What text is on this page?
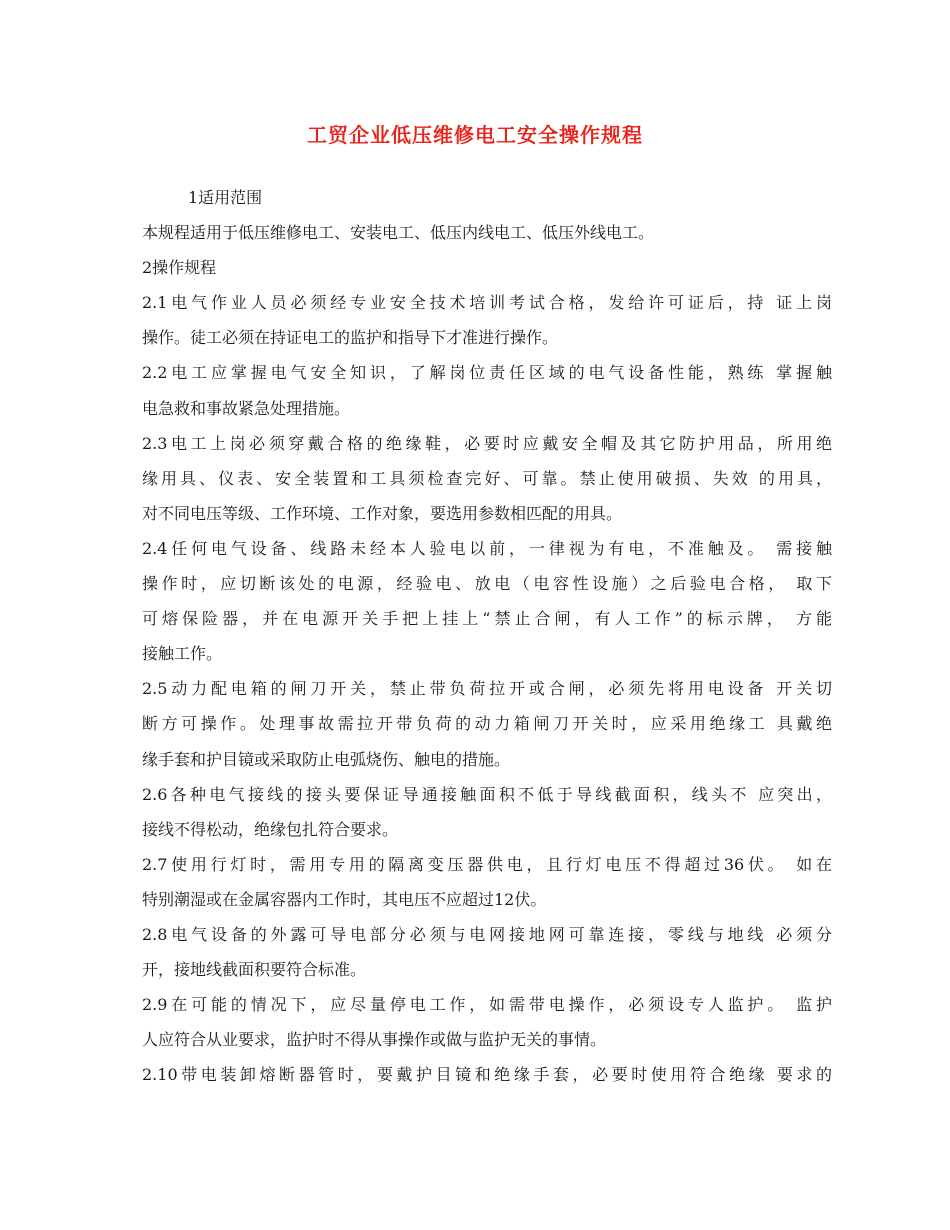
工贸企业低压维修电工安全操作规程
1适用范围
本规程适用于低压维修电工、安装电工、低压内线电工、低压外线电工。
2操作规程
2.1电气作业人员必须经专业安全技术培训考试合格，发给许可证后，持 证上岗
操作。徒工必须在持证电工的监护和指导下才准进行操作。
2.2电工应掌握电气安全知识，了解岗位责任区域的电气设备性能，熟练 掌握触
电急救和事故紧急处理措施。
2.3电工上岗必须穿戴合格的绝缘鞋，必要时应戴安全帽及其它防护用品，所用绝
缘用具、仪表、安全装置和工具须检查完好、可靠。禁止使用破损、失效 的用具，
对不同电压等级、工作环境、工作对象，要选用参数相匹配的用具。
2.4任何电气设备、线路未经本人验电以前，一律视为有电，不准触及。 需接触
操作时，应切断该处的电源，经验电、放电（电容性设施）之后验电合格， 取下
可熔保险器，并在电源开关手把上挂上“禁止合闸，有人工作”的标示牌， 方能
接触工作。
2.5动力配电箱的闸刀开关，禁止带负荷拉开或合闸，必须先将用电设备 开关切
断方可操作。处理事故需拉开带负荷的动力箱闸刀开关时，应采用绝缘工 具戴绝
缘手套和护目镜或采取防止电弧烧伤、触电的措施。
2.6各种电气接线的接头要保证导通接触面积不低于导线截面积，线头不 应突出，
接线不得松动，绝缘包扎符合要求。
2.7使用行灯时，需用专用的隔离变压器供电，且行灯电压不得超过36伏。 如在
特别潮湿或在金属容器内工作时，其电压不应超过12伏。
2.8电气设备的外露可导电部分必须与电网接地网可靠连接，零线与地线 必须分
开，接地线截面积要符合标准。
2.9在可能的情况下，应尽量停电工作，如需带电操作，必须设专人监护。 监护
人应符合从业要求，监护时不得从事操作或做与监护无关的事情。
2.10带电装卸熔断器管时，要戴护目镜和绝缘手套，必要时使用符合绝缘 要求的
